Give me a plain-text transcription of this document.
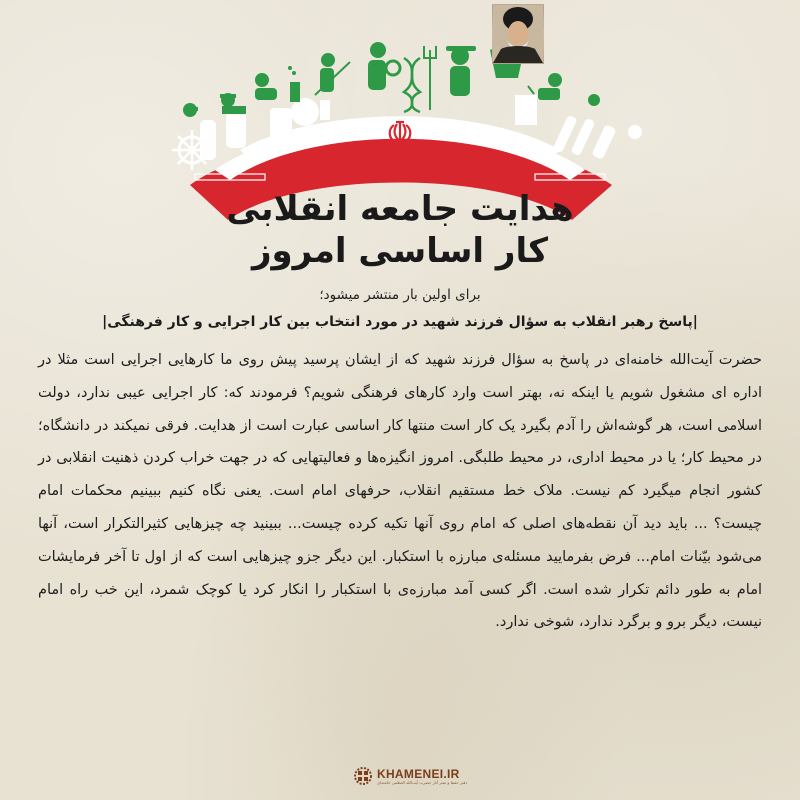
هدایت جامعه انقلابی
کار اساسی امروز
برای اولین بار منتشر میشود؛
|پاسخ رهبر انقلاب به سؤال فرزند شهید در مورد انتخاب بین کار اجرایی و کار فرهنگی|
حضرت آیت‌الله خامنه‌ای در پاسخ به سؤال فرزند شهید که از ایشان پرسید پیش روی ما کارهایی اجرایی است مثلا در اداره ای مشغول شویم یا اینکه نه، بهتر است وارد کارهای فرهنگی شویم؟ فرمودند که: کار اجرایی عیبی ندارد، دولت اسلامی است، هر گوشه‌اش را آدم بگیرد یک کار است منتها کار اساسی عبارت است از هدایت. فرقی نمیکند در دانشگاه؛ در محیط کار؛ یا در محیط اداری، در محیط طلبگی. امروز انگیزه‌ها و فعالیتهایی که در جهت خراب کردن ذهنیت انقلابی در کشور انجام میگیرد کم نیست. ملاک خط مستقیم انقلاب، حرفهای امام است. یعنی نگاه کنیم ببینیم محکمات امام چیست؟ ... باید دید آن نقطه‌های اصلی که امام روی آنها تکیه کرده چیست... ببینید چه چیزهایی کثیرالتکرار است، آنها می‌شود بیّنات امام... فرض بفرمایید مسئله‌ی مبارزه با استکبار. این دیگر جزو چیزهایی است که از اول تا آخر فرمایشات امام به طور دائم تکرار شده است. اگر کسی آمد مبارزه‌ی با استکبار را انکار کرد یا کوچک شمرد، این خب راه امام نیست، دیگر برو و برگرد ندارد، شوخی ندارد.
KHAMENEI.IR
دفتر حفظ و نشر آثار حضرت آیت‌الله العظمی خامنه‌ای
